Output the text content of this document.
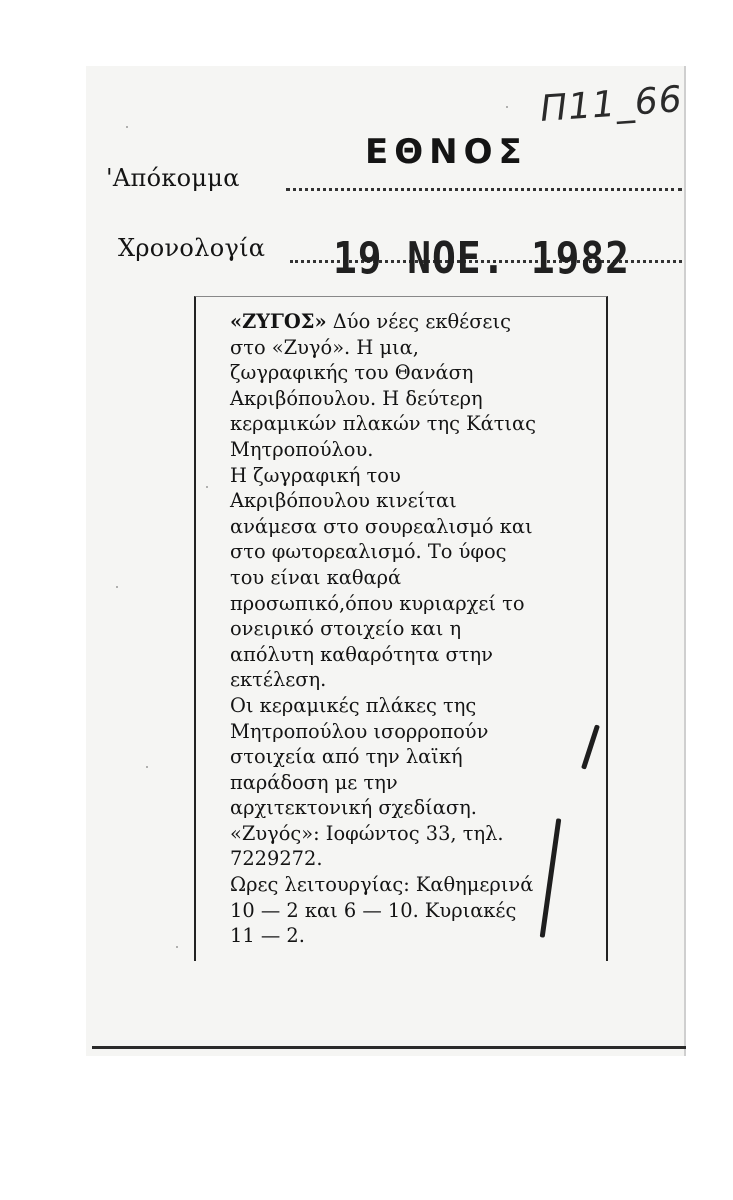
Π11_66
'Απόκομμα
ΕΘΝΟΣ
Χρονολογία 19 ΝΟΕ. 1982
«ΖΥΓΟΣ» Δύο νέες εκθέσεις
στο «Ζυγό». Η μια,
ζωγραφικής του Θανάση
Ακριβόπουλου. Η δεύτερη
κεραμικών πλακών της Κάτιας
Μητροπούλου.
Η ζωγραφική του
Ακριβόπουλου κινείται
ανάμεσα στο σουρεαλισμό και
στο φωτορεαλισμό. Το ύφος
του είναι καθαρά
προσωπικό,όπου κυριαρχεί το
ονειρικό στοιχείο και η
απόλυτη καθαρότητα στην
εκτέλεση.
Οι κεραμικές πλάκες της
Μητροπούλου ισορροπούν
στοιχεία από την λαϊκή
παράδοση με την
αρχιτεκτονική σχεδίαση.
«Ζυγός»: Ιοφώντος 33, τηλ.
7229272.
Ωρες λειτουργίας: Καθημερινά
10 — 2 και 6 — 10. Κυριακές
11 — 2.
